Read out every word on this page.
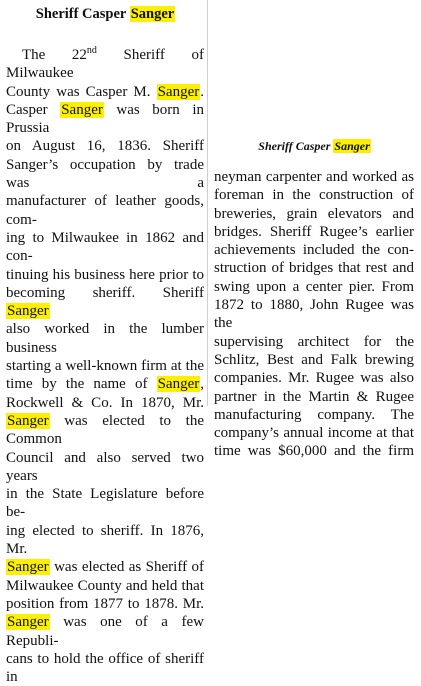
Sheriff Casper Sanger
The 22nd Sheriff of Milwaukee
County was Casper M. Sanger.
Casper Sanger was born in Prussia
on August 16, 1836. Sheriff
Sanger’s occupation by trade was a
manufacturer of leather goods, com-
ing to Milwaukee in 1862 and con-
tinuing his business here prior to
becoming sheriff. Sheriff Sanger
also worked in the lumber business
starting a well-known firm at the
time by the name of Sanger,
Rockwell & Co. In 1870, Mr.
Sanger was elected to the Common
Council and also served two years
in the State Legislature before be-
ing elected to sheriff. In 1876, Mr.
Sanger was elected as Sheriff of
Milwaukee County and held that
position from 1877 to 1878. Mr.
Sanger was one of a few Republi-
cans to hold the office of sheriff in
Sheriff Casper Sanger
neyman carpenter and worked as
foreman in the construction of
breweries, grain elevators and
bridges. Sheriff Rugee’s earlier
achievements included the con-
struction of bridges that rest and
swing upon a center pier. From
1872 to 1880, John Rugee was the
supervising architect for the
Schlitz, Best and Falk brewing
companies. Mr. Rugee was also
partner in the Martin & Rugee
manufacturing company. The
company’s annual income at that
time was $60,000 and the firm
